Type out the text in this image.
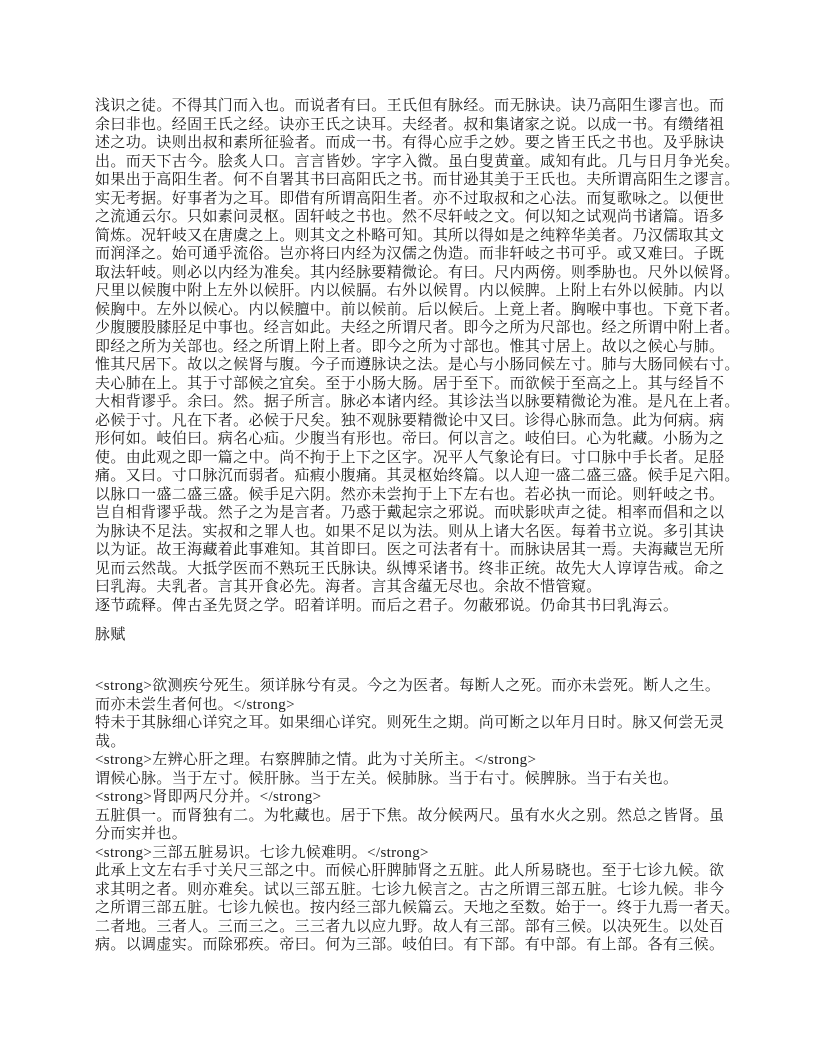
浅识之徒。不得其门而入也。而说者有曰。王氏但有脉经。而无脉诀。诀乃高阳生谬言也。而
余曰非也。经固王氏之经。诀亦王氏之诀耳。夫经者。叔和集诸家之说。以成一书。有缵绪祖
述之功。诀则出叔和素所征验者。而成一书。有得心应手之妙。要之皆王氏之书也。及乎脉诀
出。而天下古今。脍炙人口。言言皆妙。字字入微。虽白叟黄童。咸知有此。几与日月争光矣。
如果出于高阳生者。何不自署其书曰高阳氏之书。而甘逊其美于王氏也。夫所谓高阳生之谬言。
实无考据。好事者为之耳。即借有所谓高阳生者。亦不过取叔和之心法。而复歌咏之。以便世
之流通云尔。只如素问灵枢。固轩岐之书也。然不尽轩岐之文。何以知之试观尚书诸篇。语多
简炼。况轩岐又在唐虞之上。则其文之朴略可知。其所以得如是之纯粹华美者。乃汉儒取其文
而润泽之。始可通乎流俗。岂亦将曰内经为汉儒之伪造。而非轩岐之书可乎。或又难曰。子既
取法轩岐。则必以内经为准矣。其内经脉要精微论。有曰。尺内两傍。则季胁也。尺外以候肾。
尺里以候腹中附上左外以候肝。内以候膈。右外以候胃。内以候脾。上附上右外以候肺。内以
候胸中。左外以候心。内以候膻中。前以候前。后以候后。上竟上者。胸喉中事也。下竟下者。
少腹腰股膝胫足中事也。经言如此。夫经之所谓尺者。即今之所为尺部也。经之所谓中附上者。
即经之所为关部也。经之所谓上附上者。即今之所为寸部也。惟其寸居上。故以之候心与肺。
惟其尺居下。故以之候肾与腹。今子而遵脉诀之法。是心与小肠同候左寸。肺与大肠同候右寸。
夫心肺在上。其于寸部候之宜矣。至于小肠大肠。居于至下。而欲候于至高之上。其与经旨不
大相背谬乎。余曰。然。据子所言。脉必本诸内经。其诊法当以脉要精微论为准。是凡在上者。
必候于寸。凡在下者。必候于尺矣。独不观脉要精微论中又曰。诊得心脉而急。此为何病。病
形何如。岐伯曰。病名心疝。少腹当有形也。帝曰。何以言之。岐伯曰。心为牝藏。小肠为之
使。由此观之即一篇之中。尚不拘于上下之区字。况平人气象论有曰。寸口脉中手长者。足胫
痛。又曰。寸口脉沉而弱者。疝瘕小腹痛。其灵枢始终篇。以人迎一盛二盛三盛。候手足六阳。
以脉口一盛二盛三盛。候手足六阴。然亦未尝拘于上下左右也。若必执一而论。则轩岐之书。
岂自相背谬乎哉。然子之为是言者。乃惑于戴起宗之邪说。而吠影吠声之徒。相率而倡和之以
为脉诀不足法。实叔和之罪人也。如果不足以为法。则从上诸大名医。每着书立说。多引其诀
以为证。故王海藏着此事难知。其首即曰。医之可法者有十。而脉诀居其一焉。夫海藏岂无所
见而云然哉。大抵学医而不熟玩王氏脉诀。纵博采诸书。终非正统。故先大人谆谆告戒。命之
曰乳海。夫乳者。言其开食必先。海者。言其含蕴无尽也。余故不惜管窥。
逐节疏释。俾古圣先贤之学。昭着详明。而后之君子。勿蔽邪说。仍命其书曰乳海云。
脉赋
<strong>欲测疾兮死生。须详脉兮有灵。今之为医者。每断人之死。而亦未尝死。断人之生。
而亦未尝生者何也。</strong>
特未于其脉细心详究之耳。如果细心详究。则死生之期。尚可断之以年月日时。脉又何尝无灵
哉。
<strong>左辨心肝之理。右察脾肺之情。此为寸关所主。</strong>
谓候心脉。当于左寸。候肝脉。当于左关。候肺脉。当于右寸。候脾脉。当于右关也。
<strong>肾即两尺分并。</strong>
五脏俱一。而肾独有二。为牝藏也。居于下焦。故分候两尺。虽有水火之别。然总之皆肾。虽
分而实并也。
<strong>三部五脏易识。七诊九候难明。</strong>
此承上文左右手寸关尺三部之中。而候心肝脾肺肾之五脏。此人所易晓也。至于七诊九候。欲
求其明之者。则亦难矣。试以三部五脏。七诊九候言之。古之所谓三部五脏。七诊九候。非今
之所谓三部五脏。七诊九候也。按内经三部九候篇云。天地之至数。始于一。终于九焉一者天。
二者地。三者人。三而三之。三三者九以应九野。故人有三部。部有三候。以决死生。以处百
病。以调虚实。而除邪疾。帝曰。何为三部。岐伯曰。有下部。有中部。有上部。各有三候。
